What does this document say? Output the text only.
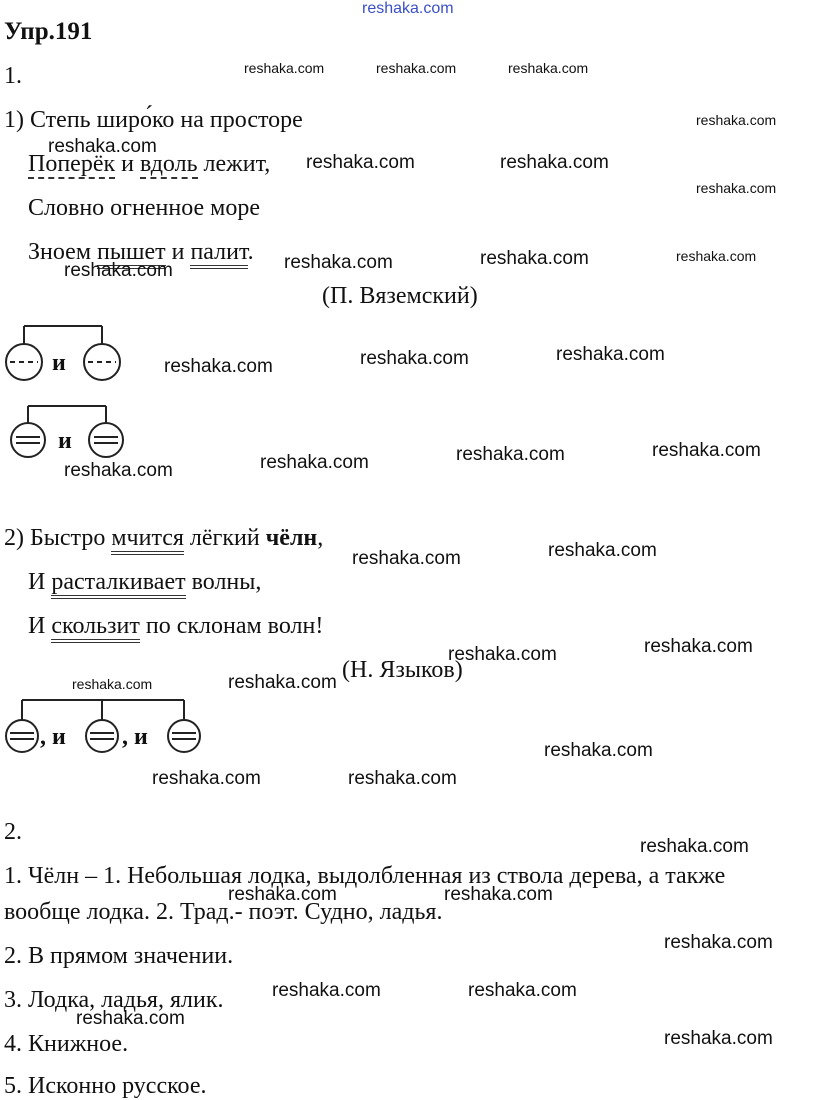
reshaka.com
Упр.191
1.
1) Степь широ́ко на просторе
Поперёк и вдоль лежит,
Словно огненное море
Зноем пышет и палит.
(П. Вяземский)
и
и
2) Быстро мчится лёгкий чёлн,
И расталкивает волны,
И скользит по склонам волн!
(Н. Языков)
, и , и
2.
1. Чёлн – 1. Небольшая лодка, выдолбленная из ствола дерева, а также
вообще лодка. 2. Трад.- поэт. Судно, ладья.
2. В прямом значении.
3. Лодка, ладья, ялик.
4. Книжное.
5. Исконно русское.
reshaka.com	reshaka.com	reshaka.com
reshaka.com
reshaka.com
reshaka.com	reshaka.com
reshaka.com
reshaka.com
reshaka.com
reshaka.com
reshaka.com
reshaka.com
reshaka.com
reshaka.com
reshaka.com
reshaka.com
reshaka.com
reshaka.com
reshaka.com
reshaka.com
reshaka.com
reshaka.com
reshaka.com	reshaka.com
reshaka.com
reshaka.com
reshaka.com
reshaka.com
reshaka.com	reshaka.com
reshaka.com
reshaka.com	reshaka.com
reshaka.com
reshaka.com
